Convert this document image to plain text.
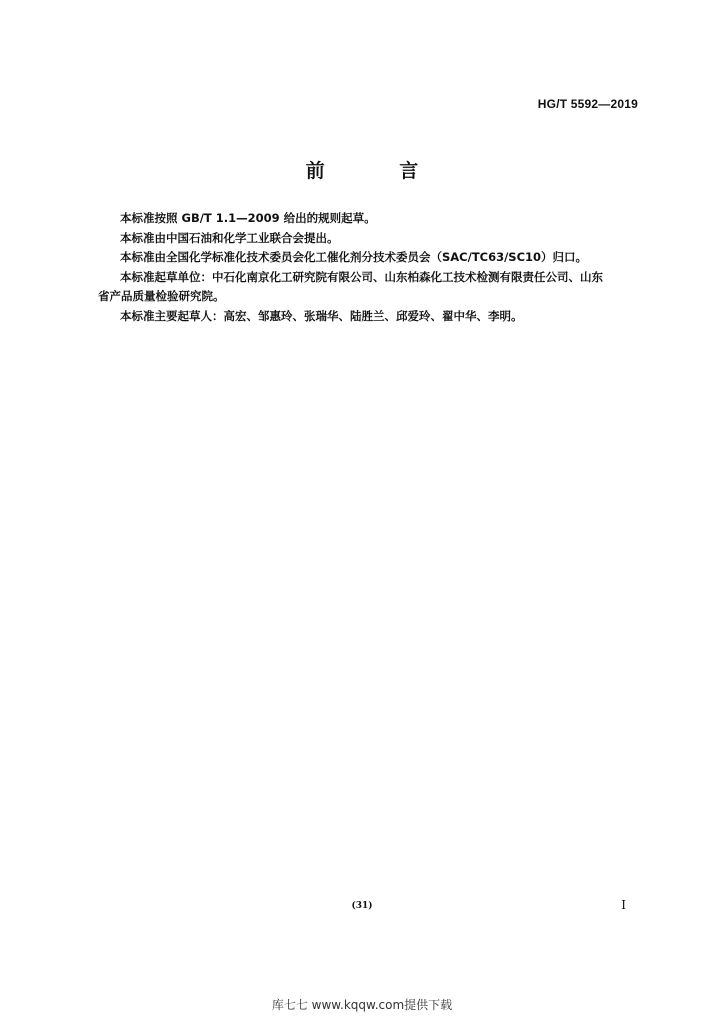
HG/T 5592—2019
前 言

本标准按照 GB/T 1.1—2009 给出的规则起草。

本标准由中国石油和化学工业联合会提出。

本标准由全国化学标准化技术委员会化工催化剂分技术委员会（SAC/TC63/SC10）归口。

本标准起草单位：中石化南京化工研究院有限公司、山东柏森化工技术检测有限责任公司、山东

省产品质量检验研究院。

本标准主要起草人：高宏、邹惠玲、张瑞华、陆胜兰、邱爱玲、翟中华、李明。

(31)	I
库七七 www.kqqw.com提供下载
